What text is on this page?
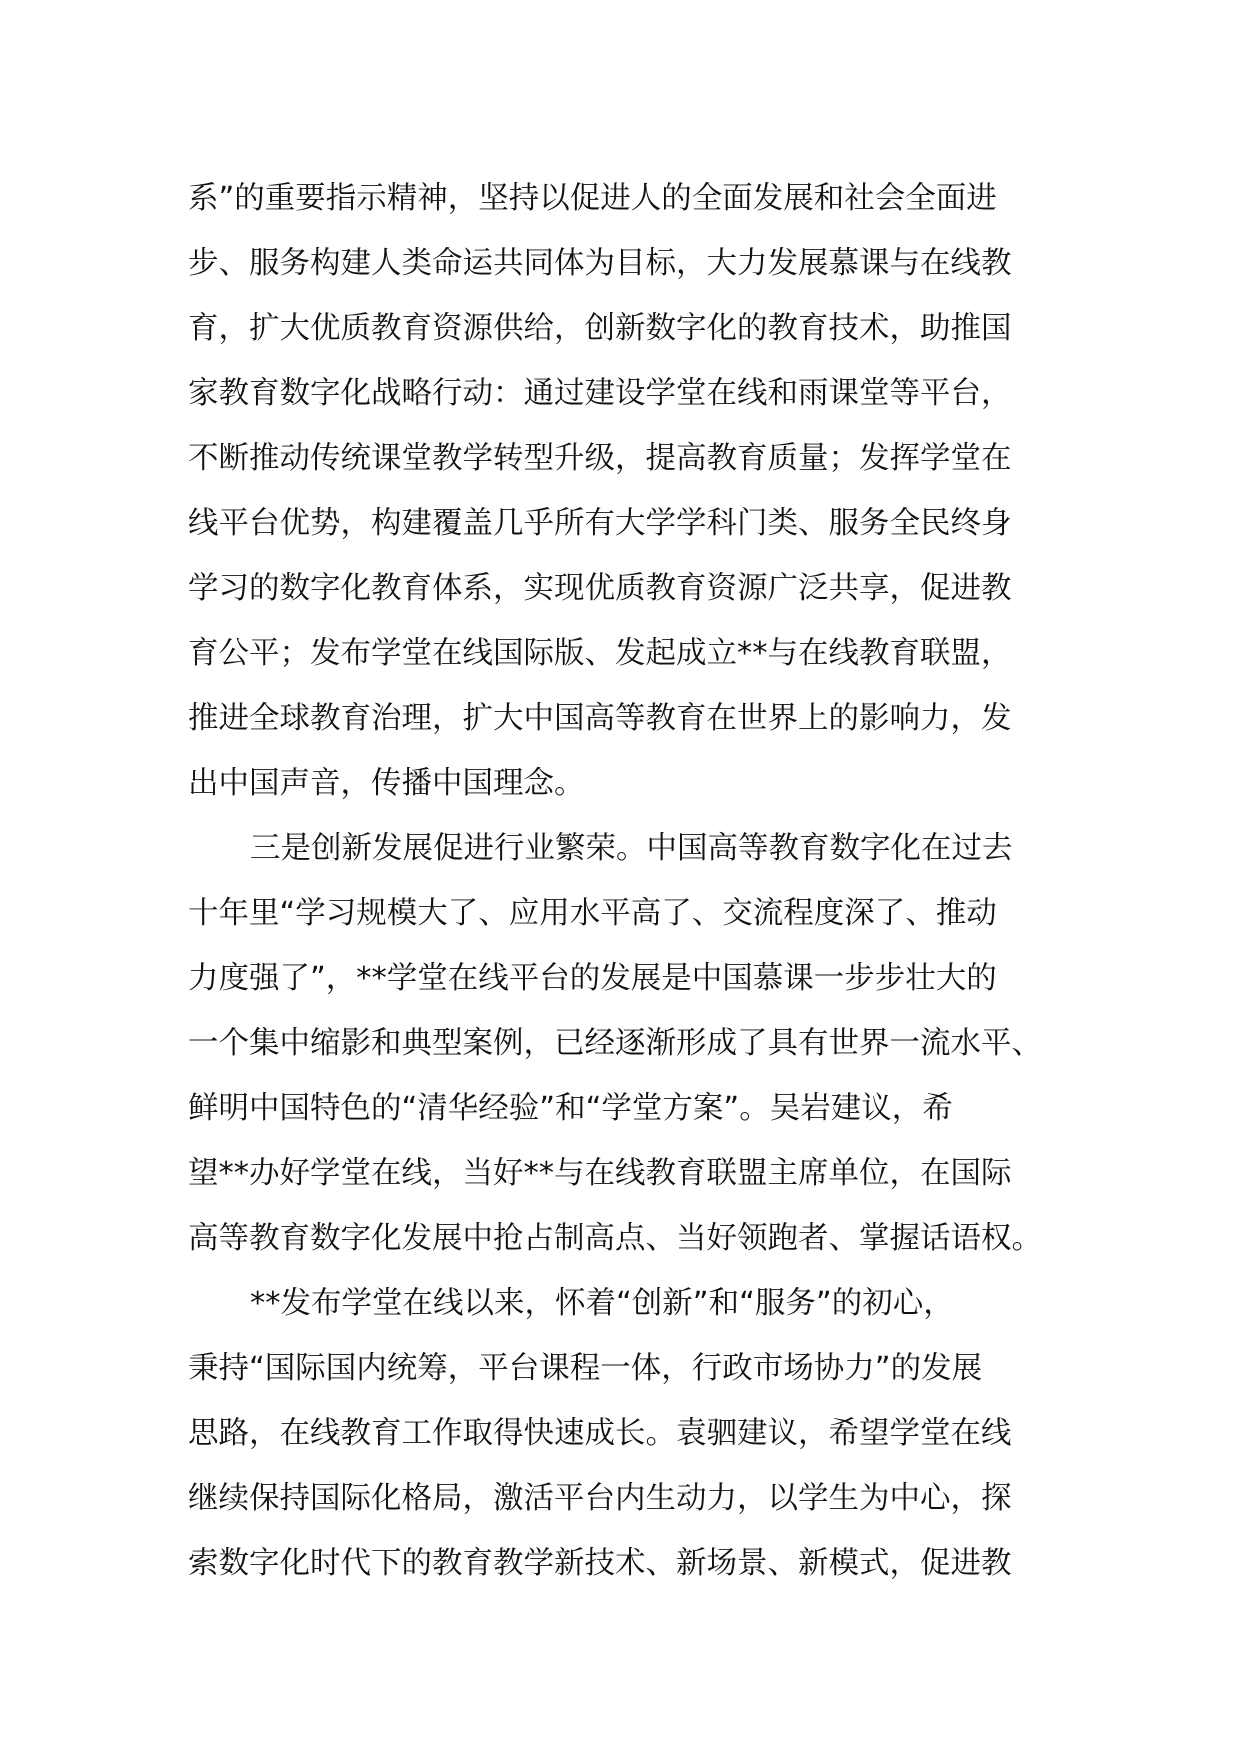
系”的重要指示精神，坚持以促进人的全面发展和社会全面进
步、服务构建人类命运共同体为目标，大力发展慕课与在线教
育，扩大优质教育资源供给，创新数字化的教育技术，助推国
家教育数字化战略行动：通过建设学堂在线和雨课堂等平台，
不断推动传统课堂教学转型升级，提高教育质量；发挥学堂在
线平台优势，构建覆盖几乎所有大学学科门类、服务全民终身
学习的数字化教育体系，实现优质教育资源广泛共享，促进教
育公平；发布学堂在线国际版、发起成立**与在线教育联盟，
推进全球教育治理，扩大中国高等教育在世界上的影响力，发
出中国声音，传播中国理念。
三是创新发展促进行业繁荣。中国高等教育数字化在过去
十年里“学习规模大了、应用水平高了、交流程度深了、推动
力度强了”，**学堂在线平台的发展是中国慕课一步步壮大的
一个集中缩影和典型案例，已经逐渐形成了具有世界一流水平、
鲜明中国特色的“清华经验”和“学堂方案”。吴岩建议，希
望**办好学堂在线，当好**与在线教育联盟主席单位，在国际
高等教育数字化发展中抢占制高点、当好领跑者、掌握话语权。
**发布学堂在线以来，怀着“创新”和“服务”的初心，
秉持“国际国内统筹，平台课程一体，行政市场协力”的发展
思路，在线教育工作取得快速成长。袁驷建议，希望学堂在线
继续保持国际化格局，激活平台内生动力，以学生为中心，探
索数字化时代下的教育教学新技术、新场景、新模式，促进教
